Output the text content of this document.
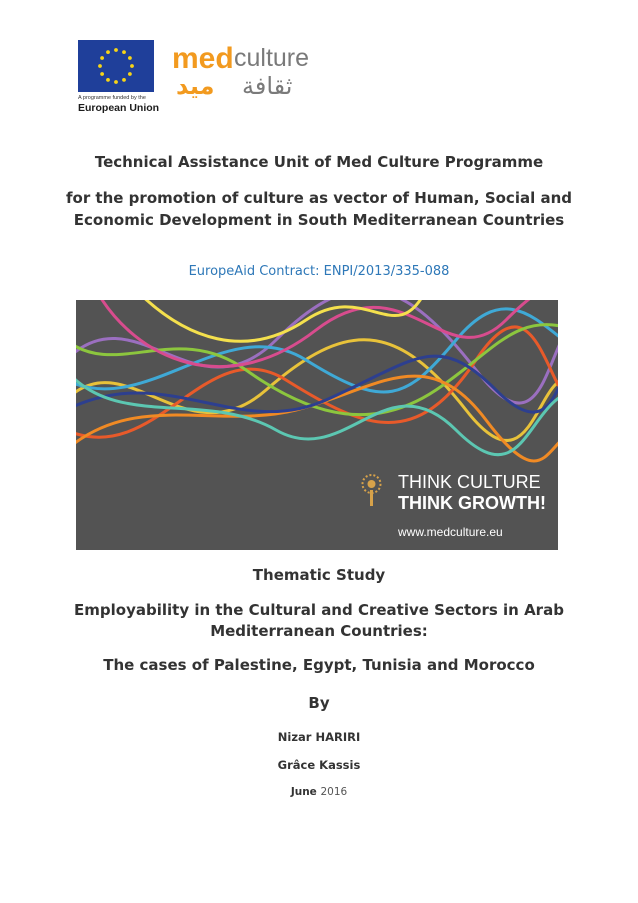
A programme funded by the
European Union
med culture
ميد ثقافة
Technical Assistance Unit of Med Culture Programme
for the promotion of culture as vector of Human, Social and Economic Development in South Mediterranean Countries
EuropeAid Contract: ENPI/2013/335-088
THINK CULTURE
THINK GROWTH!
www.medculture.eu
Thematic Study
Employability in the Cultural and Creative Sectors in Arab Mediterranean Countries:
The cases of Palestine, Egypt, Tunisia and Morocco
By
Nizar HARIRI
Grâce Kassis
June 2016
